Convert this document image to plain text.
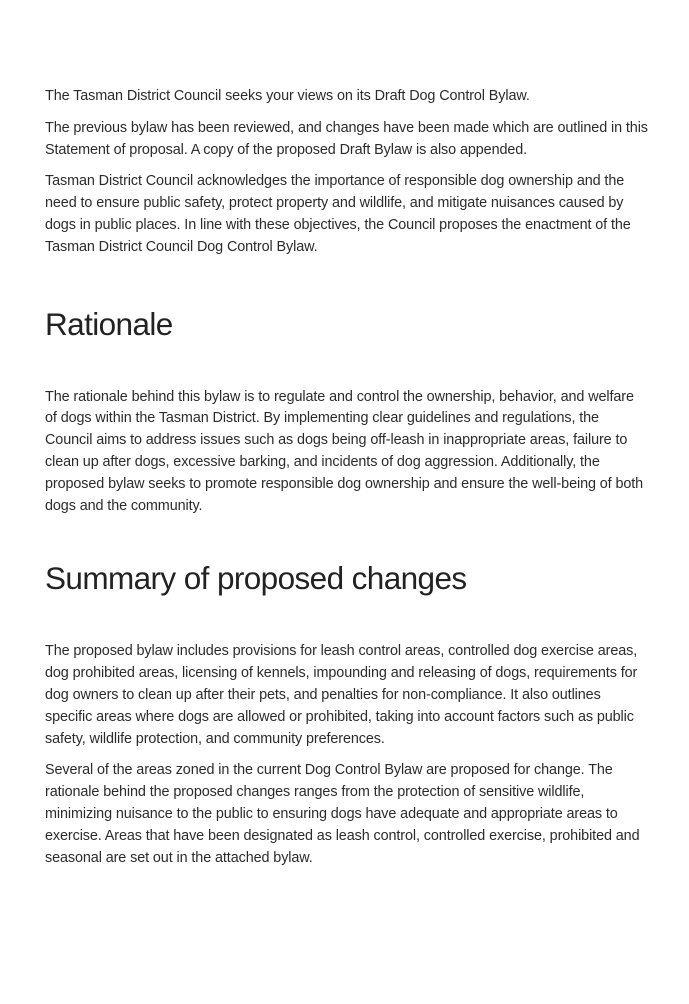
The Tasman District Council seeks your views on its Draft Dog Control Bylaw.

The previous bylaw has been reviewed, and changes have been made which are outlined in this Statement of proposal. A copy of the proposed Draft Bylaw is also appended.

Tasman District Council acknowledges the importance of responsible dog ownership and the need to ensure public safety, protect property and wildlife, and mitigate nuisances caused by dogs in public places. In line with these objectives, the Council proposes the enactment of the Tasman District Council Dog Control Bylaw.

Rationale

The rationale behind this bylaw is to regulate and control the ownership, behavior, and welfare of dogs within the Tasman District. By implementing clear guidelines and regulations, the Council aims to address issues such as dogs being off-leash in inappropriate areas, failure to clean up after dogs, excessive barking, and incidents of dog aggression. Additionally, the proposed bylaw seeks to promote responsible dog ownership and ensure the well-being of both dogs and the community.

Summary of proposed changes

The proposed bylaw includes provisions for leash control areas, controlled dog exercise areas, dog prohibited areas, licensing of kennels, impounding and releasing of dogs, requirements for dog owners to clean up after their pets, and penalties for non-compliance. It also outlines specific areas where dogs are allowed or prohibited, taking into account factors such as public safety, wildlife protection, and community preferences.

Several of the areas zoned in the current Dog Control Bylaw are proposed for change. The rationale behind the proposed changes ranges from the protection of sensitive wildlife, minimizing nuisance to the public to ensuring dogs have adequate and appropriate areas to exercise. Areas that have been designated as leash control, controlled exercise, prohibited and seasonal are set out in the attached bylaw.
